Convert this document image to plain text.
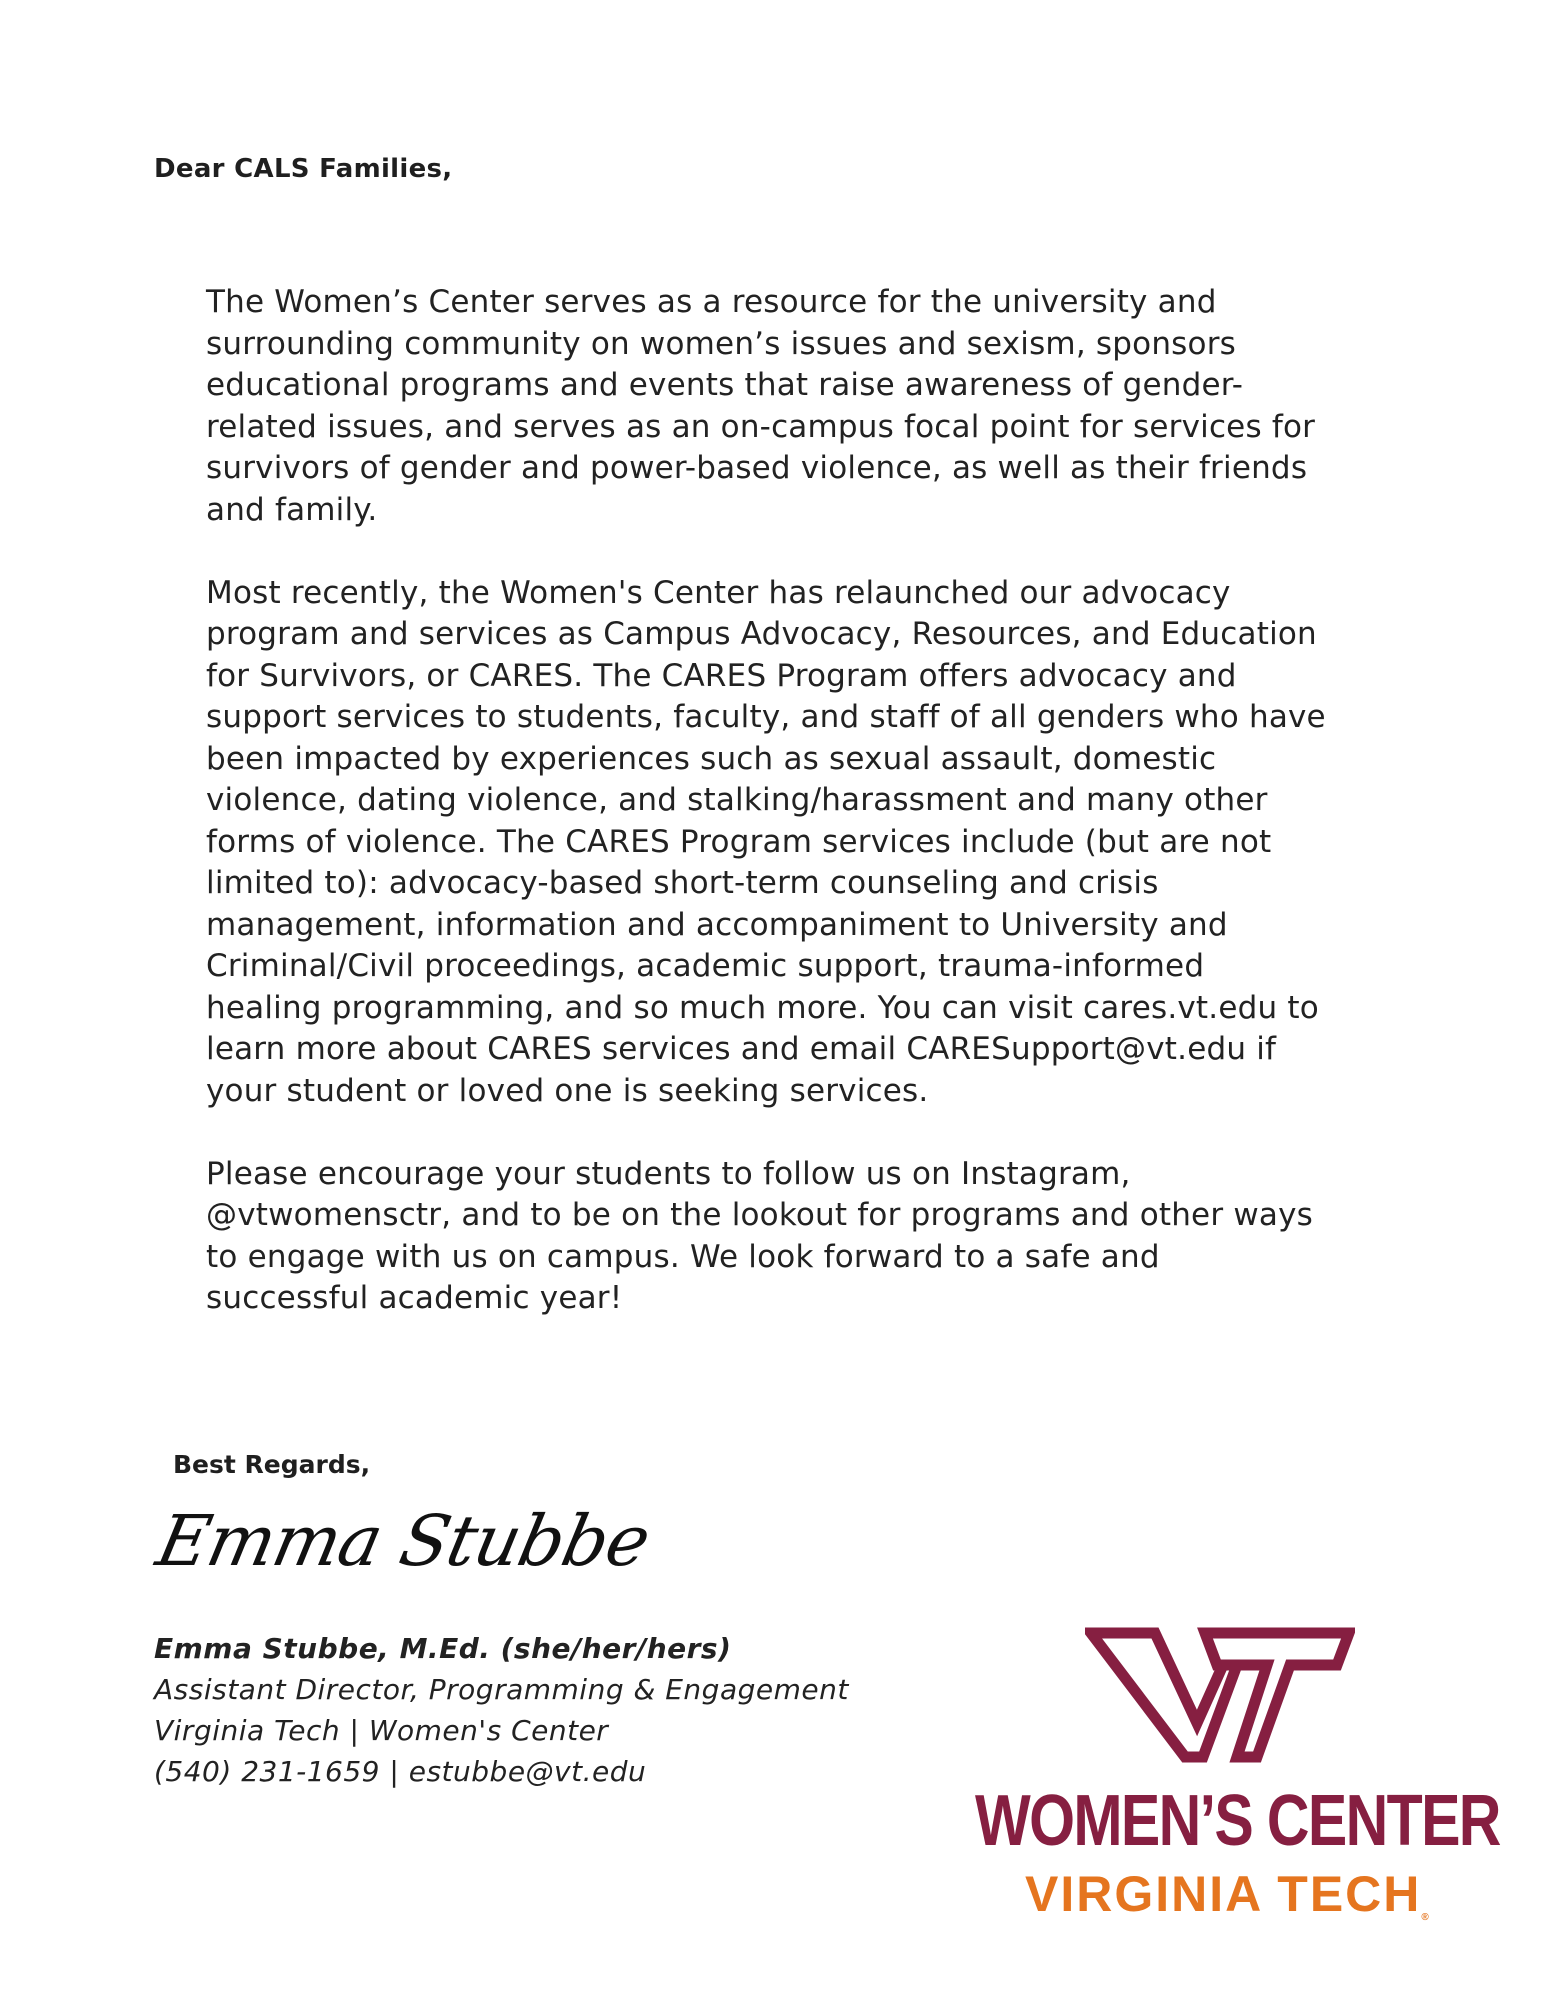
Dear CALS Families,

The Women’s Center serves as a resource for the university and surrounding community on women’s issues and sexism, sponsors educational programs and events that raise awareness of gender-related issues, and serves as an on-campus focal point for services for survivors of gender and power-based violence, as well as their friends and family.

Most recently, the Women's Center has relaunched our advocacy program and services as Campus Advocacy, Resources, and Education for Survivors, or CARES. The CARES Program offers advocacy and support services to students, faculty, and staff of all genders who have been impacted by experiences such as sexual assault, domestic violence, dating violence, and stalking/harassment and many other forms of violence. The CARES Program services include (but are not limited to): advocacy-based short-term counseling and crisis management, information and accompaniment to University and Criminal/Civil proceedings, academic support, trauma-informed healing programming, and so much more. You can visit cares.vt.edu to learn more about CARES services and email CARESupport@vt.edu if your student or loved one is seeking services.

Please encourage your students to follow us on Instagram, @vtwomensctr, and to be on the lookout for programs and other ways to engage with us on campus. We look forward to a safe and successful academic year!

Best Regards,
Emma Stubbe
Emma Stubbe, M.Ed. (she/her/hers)
Assistant Director, Programming & Engagement
Virginia Tech | Women's Center
(540) 231-1659 | estubbe@vt.edu
WOMEN’S CENTER
VIRGINIA TECH®
